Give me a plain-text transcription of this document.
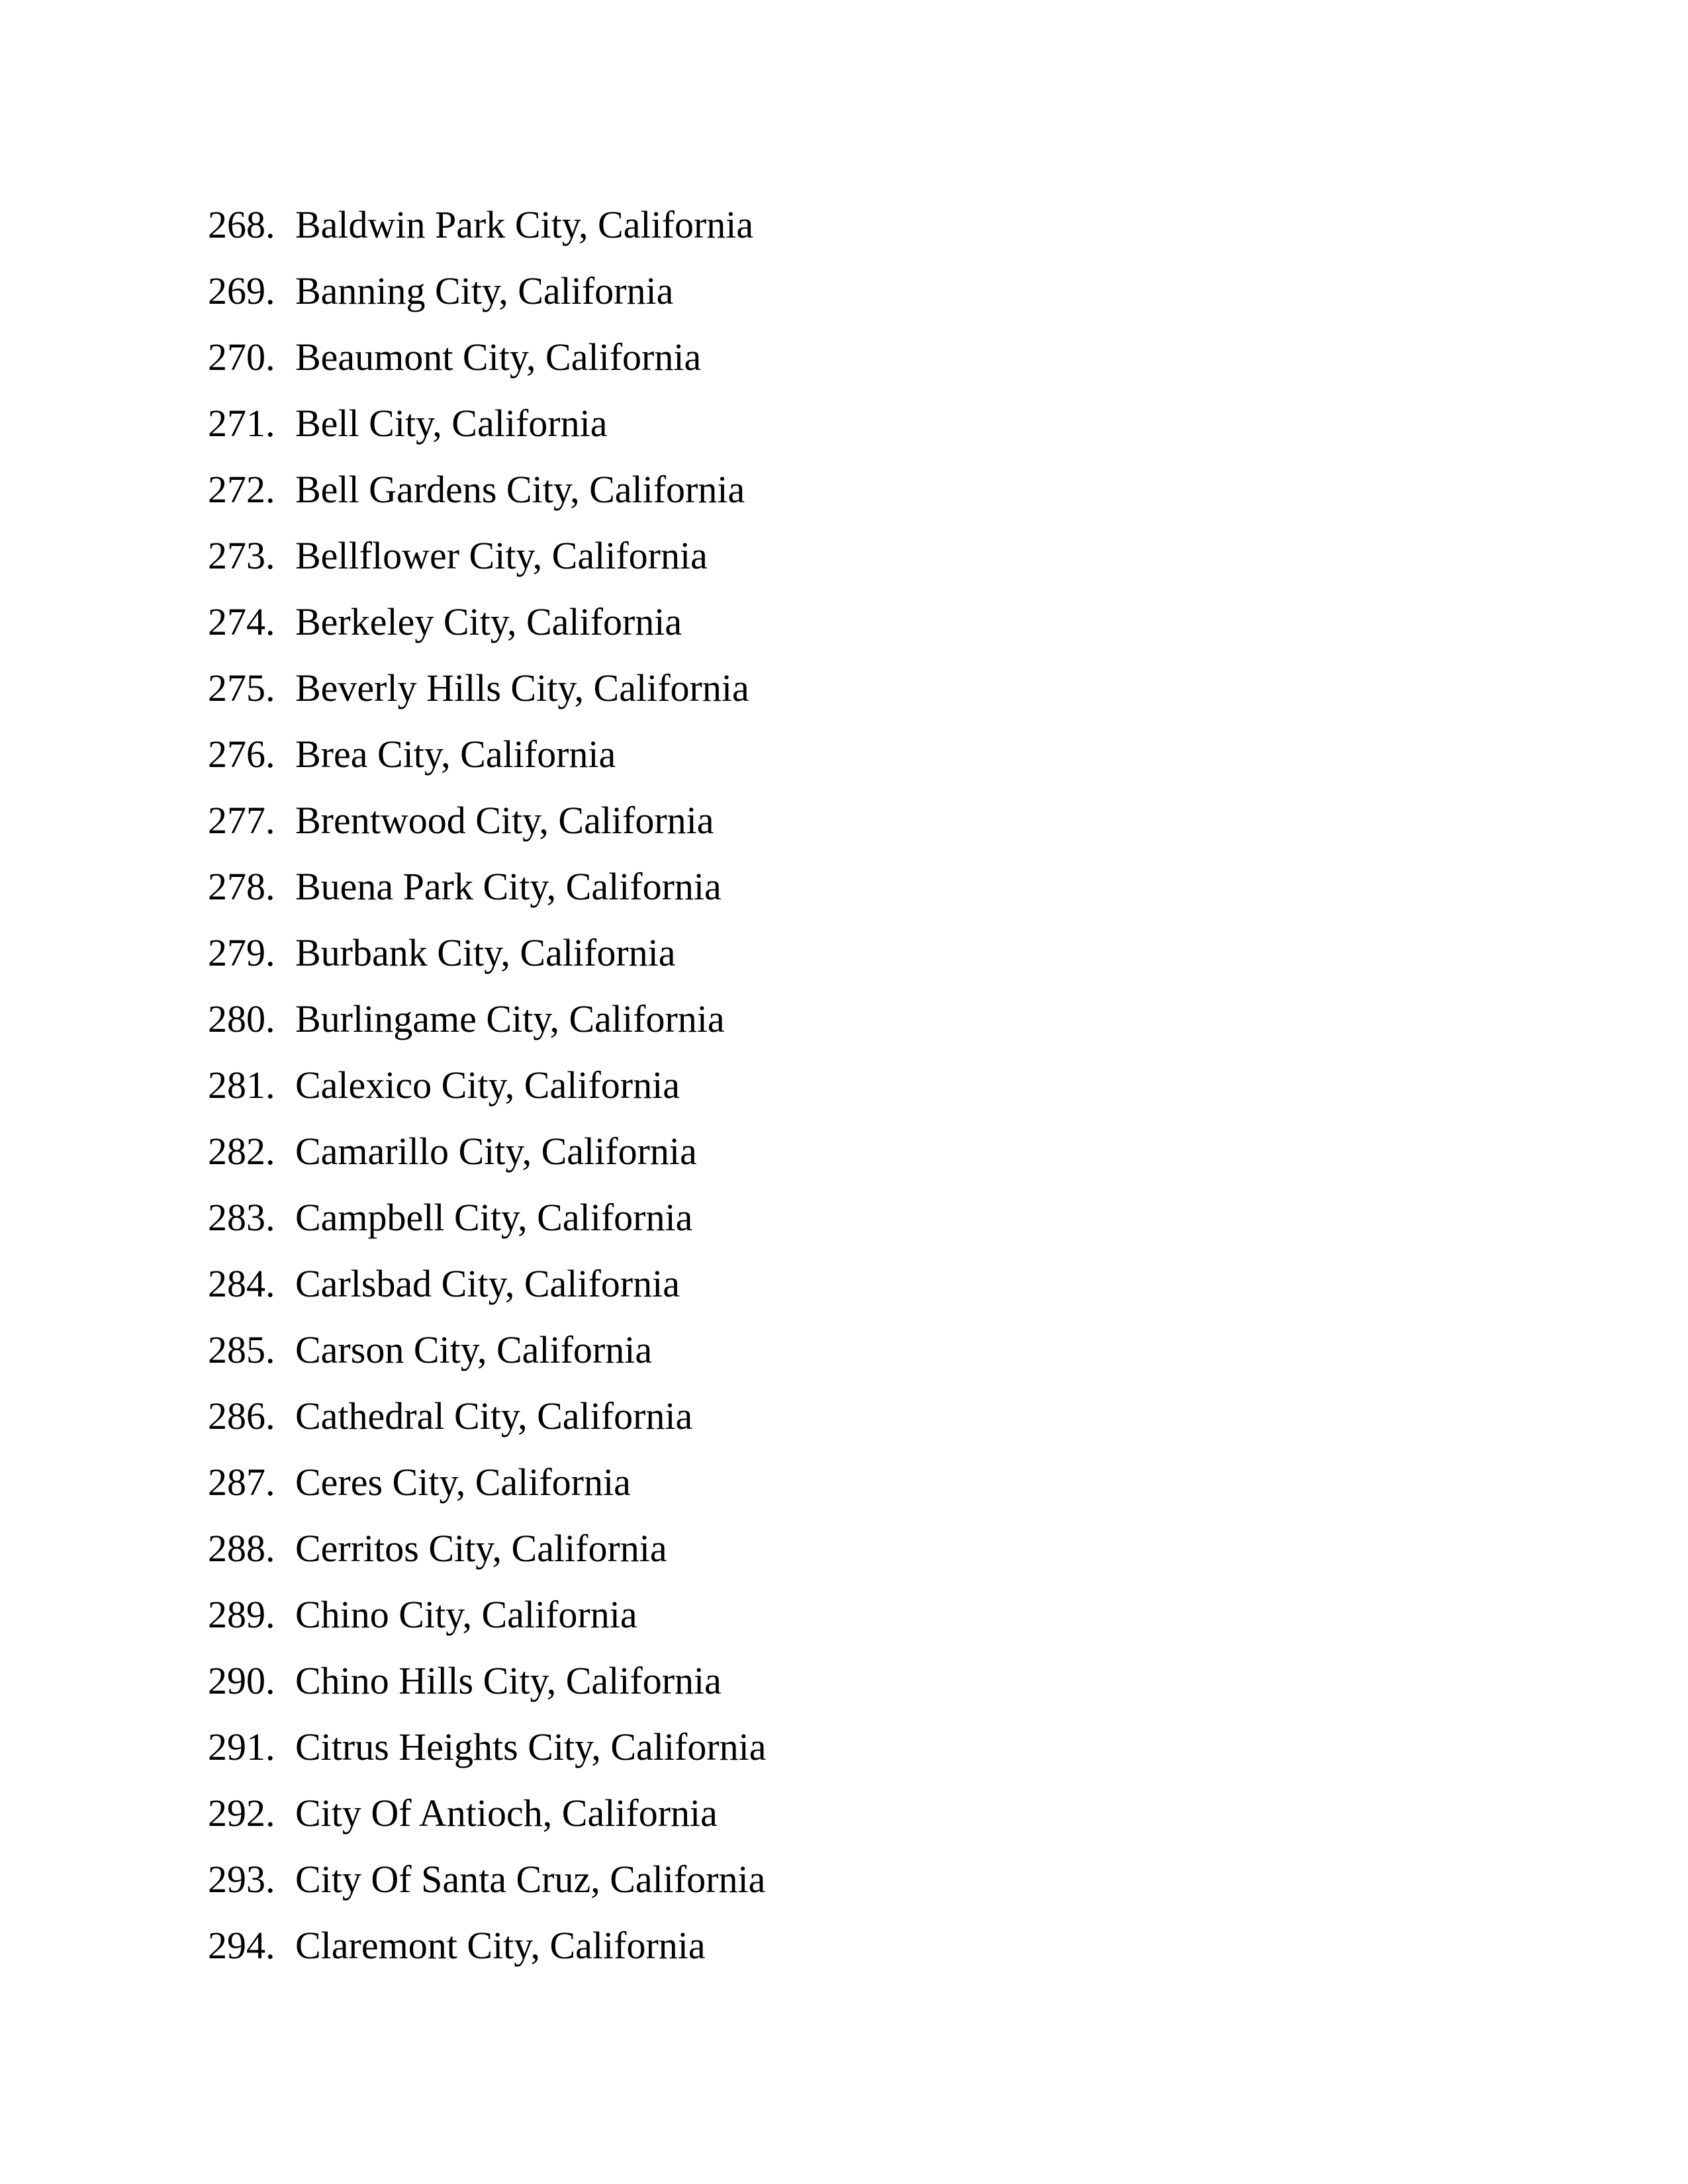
268. Baldwin Park City, California
269. Banning City, California
270. Beaumont City, California
271. Bell City, California
272. Bell Gardens City, California
273. Bellflower City, California
274. Berkeley City, California
275. Beverly Hills City, California
276. Brea City, California
277. Brentwood City, California
278. Buena Park City, California
279. Burbank City, California
280. Burlingame City, California
281. Calexico City, California
282. Camarillo City, California
283. Campbell City, California
284. Carlsbad City, California
285. Carson City, California
286. Cathedral City, California
287. Ceres City, California
288. Cerritos City, California
289. Chino City, California
290. Chino Hills City, California
291. Citrus Heights City, California
292. City Of Antioch, California
293. City Of Santa Cruz, California
294. Claremont City, California
